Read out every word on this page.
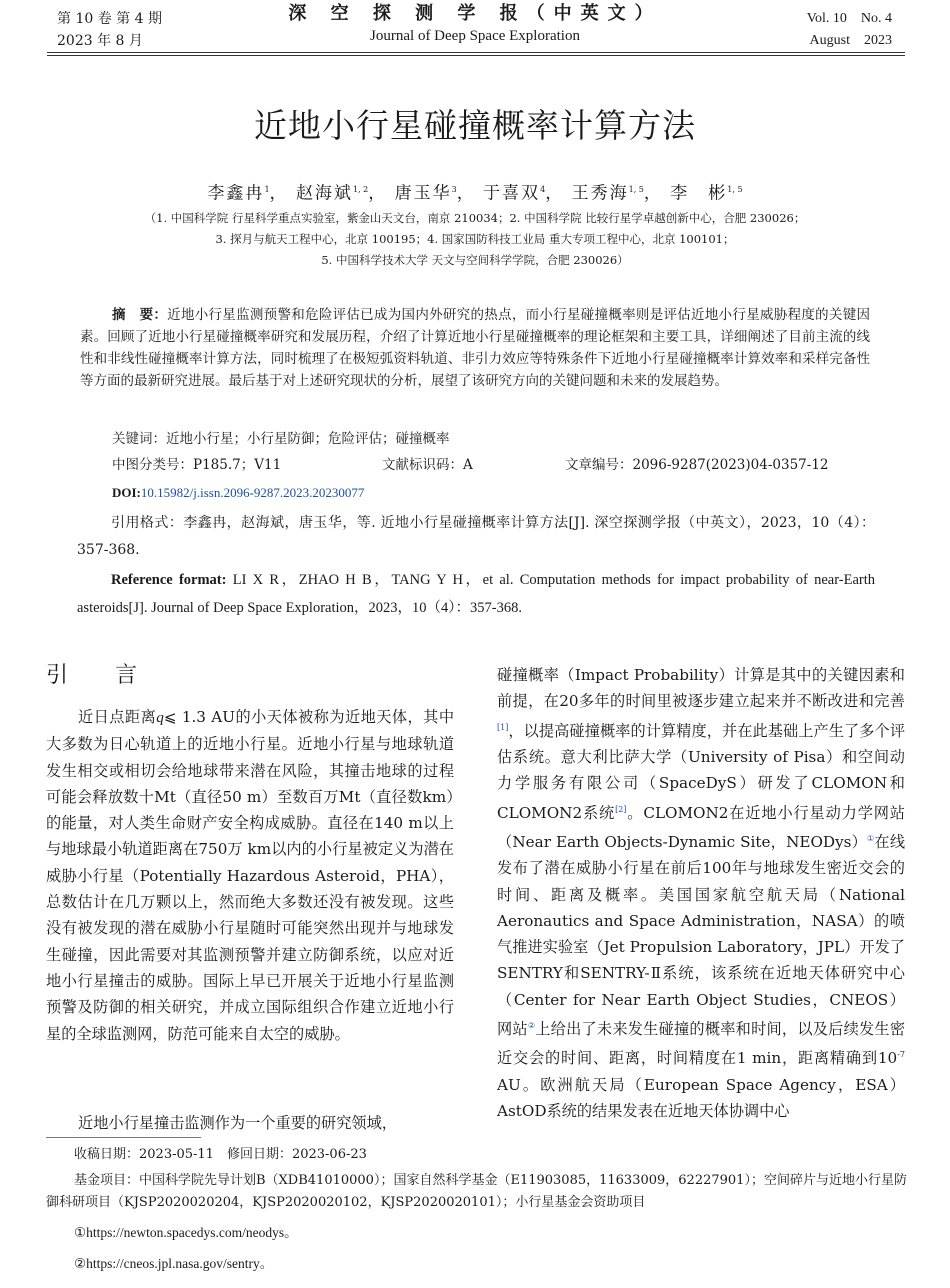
第 10 卷 第 4 期
2023 年 8 月
深 空 探 测 学 报（中英文）
Journal of Deep Space Exploration
Vol. 10    No. 4
August    2023
近地小行星碰撞概率计算方法
李鑫冉$^1$， 赵海斌$^{1, 2}$， 唐玉华$^3$， 于喜双$^4$， 王秀海$^{1, 5}$， 李　彬$^{1, 5}$
（1. 中国科学院 行星科学重点实验室，紫金山天文台，南京 210034；2. 中国科学院 比较行星学卓越创新中心，合肥 230026；
3. 探月与航天工程中心，北京 100195；4. 国家国防科技工业局 重大专项工程中心，北京 100101；
5. 中国科学技术大学 天文与空间科学学院，合肥 230026）
摘　要：近地小行星监测预警和危险评估已成为国内外研究的热点，而小行星碰撞概率则是评估近地小行星威胁程度的关键因素。回顾了近地小行星碰撞概率研究和发展历程，介绍了计算近地小行星碰撞概率的理论框架和主要工具，详细阐述了目前主流的线性和非线性碰撞概率计算方法，同时梳理了在极短弧资料轨道、非引力效应等特殊条件下近地小行星碰撞概率计算效率和采样完备性等方面的最新研究进展。最后基于对上述研究现状的分析，展望了该研究方向的关键问题和未来的发展趋势。
关键词：近地小行星；小行星防御；危险评估；碰撞概率
中图分类号：P185.7；V11	文献标识码：A	文章编号：2096-9287(2023)04-0357-12
DOI:10.15982/j.issn.2096-9287.2023.20230077
引用格式：李鑫冉，赵海斌，唐玉华，等. 近地小行星碰撞概率计算方法[J]. 深空探测学报（中英文），2023，10（4）：357-368.
Reference format: LI X R，ZHAO H B，TANG Y H，et al. Computation methods for impact probability of near-Earth asteroids[J]. Journal of Deep Space Exploration，2023，10（4）：357-368.
引 言
近日点距离q⩽ 1.3 AU的小天体被称为近地天体，其中大多数为日心轨道上的近地小行星。近地小行星与地球轨道发生相交或相切会给地球带来潜在风险，其撞击地球的过程可能会释放数十Mt（直径50 m）至数百万Mt（直径数km）的能量，对人类生命财产安全构成威胁。直径在140 m以上与地球最小轨道距离在750万 km以内的小行星被定义为潜在威胁小行星（Potentially Hazardous Asteroid，PHA），总数估计在几万颗以上，然而绝大多数还没有被发现。这些没有被发现的潜在威胁小行星随时可能突然出现并与地球发生碰撞，因此需要对其监测预警并建立防御系统，以应对近地小行星撞击的威胁。国际上早已开展关于近地小行星监测预警及防御的相关研究，并成立国际组织合作建立近地小行星的全球监测网，防范可能来自太空的威胁。
近地小行星撞击监测作为一个重要的研究领域，
碰撞概率（Impact Probability）计算是其中的关键因素和前提，在20多年的时间里被逐步建立起来并不断改进和完善[1]，以提高碰撞概率的计算精度，并在此基础上产生了多个评估系统。意大利比萨大学（University of Pisa）和空间动力学服务有限公司（SpaceDyS）研发了CLOMON和CLOMON2系统[2]。CLOMON2在近地小行星动力学网站（Near Earth Objects-Dynamic Site，NEODys）①在线发布了潜在威胁小行星在前后100年与地球发生密近交会的时间、距离及概率。美国国家航空航天局（National Aeronautics and Space Administration，NASA）的喷气推进实验室（Jet Propulsion Laboratory，JPL）开发了SENTRY和SENTRY-Ⅱ系统，该系统在近地天体研究中心（Center for Near Earth Object Studies，CNEOS）网站②上给出了未来发生碰撞的概率和时间，以及后续发生密近交会的时间、距离，时间精度在1 min，距离精确到$10^{-7}$ AU。欧洲航天局（European Space Agency，ESA）AstOD系统的结果发表在近地天体协调中心
收稿日期：2023-05-11　修回日期：2023-06-23
基金项目：中国科学院先导计划B（XDB41010000）；国家自然科学基金（E11903085，11633009，62227901）；空间碎片与近地小行星防御科研项目（KJSP2020020204，KJSP2020020102，KJSP2020020101）；小行星基金会资助项目
①https://newton.spacedys.com/neodys。
②https://cneos.jpl.nasa.gov/sentry。
